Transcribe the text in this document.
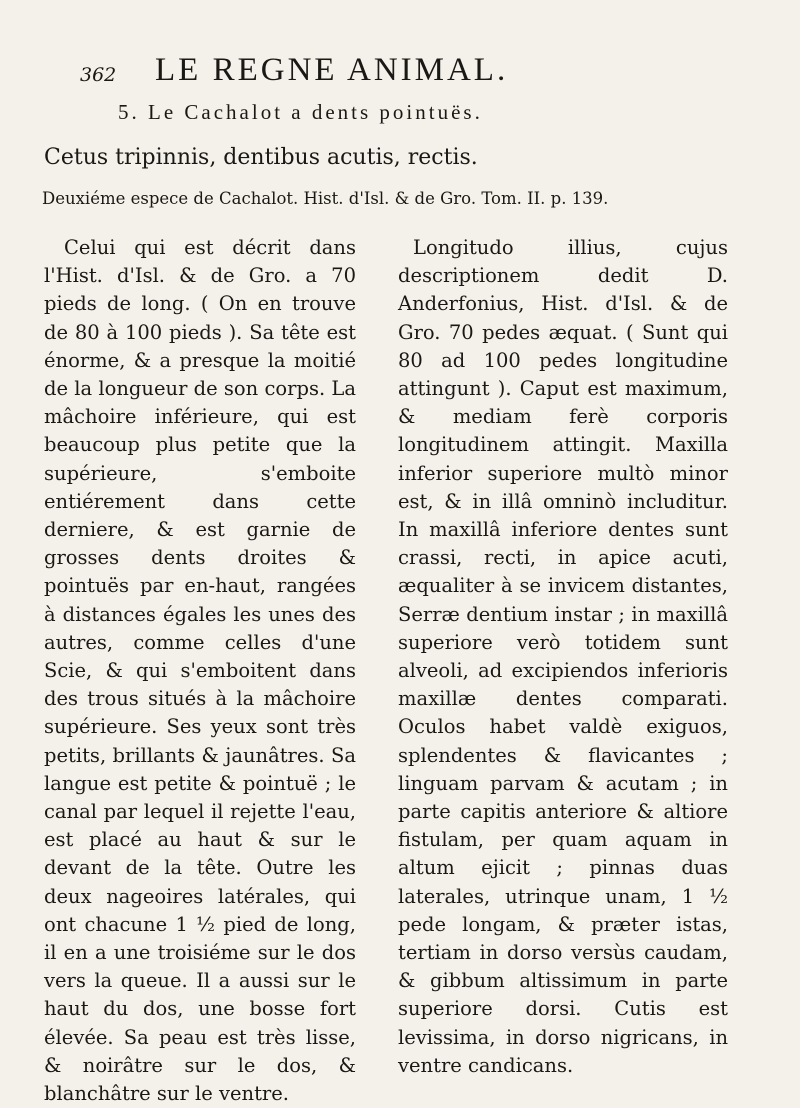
362 LE REGNE ANIMAL.
5. Le Cachalot a dents pointuës.
Cetus tripinnis, dentibus acutis, rectis.
Deuxiéme espece de Cachalot. Hist. d'Isl. & de Gro. Tom. II. p. 139.

Celui qui est décrit dans l'Hist. d'Isl. & de Gro. a 70 pieds de long. ( On en trouve de 80 à 100 pieds ). Sa tête est énorme, & a presque la moitié de la longueur de son corps. La mâchoire inférieure, qui est beaucoup plus petite que la supérieure, s'emboite entiérement dans cette derniere, & est garnie de grosses dents droites & pointuës par en-haut, rangées à distances égales les unes des autres, comme celles d'une Scie, & qui s'emboitent dans des trous situés à la mâchoire supérieure. Ses yeux sont très petits, brillants & jaunâtres. Sa langue est petite & pointuë ; le canal par lequel il rejette l'eau, est placé au haut & sur le devant de la tête. Outre les deux nageoires latérales, qui ont chacune 1 ½ pied de long, il en a une troisiéme sur le dos vers la queue. Il a aussi sur le haut du dos, une bosse fort élevée. Sa peau est très lisse, & noirâtre sur le dos, & blanchâtre sur le ventre.

Longitudo illius, cujus descriptionem dedit D. Anderfonius, Hist. d'Isl. & de Gro. 70 pedes æquat. ( Sunt qui 80 ad 100 pedes longitudine attingunt ). Caput est maximum, & mediam ferè corporis longitudinem attingit. Maxilla inferior superiore multò minor est, & in illâ omninò includitur. In maxillâ inferiore dentes sunt crassi, recti, in apice acuti, æqualiter à se invicem distantes, Serræ dentium instar ; in maxillâ superiore verò totidem sunt alveoli, ad excipiendos inferioris maxillæ dentes comparati. Oculos habet valdè exiguos, splendentes & flavicantes ; linguam parvam & acutam ; in parte capitis anteriore & altiore fistulam, per quam aquam in altum ejicit ; pinnas duas laterales, utrinque unam, 1 ½ pede longam, & præter istas, tertiam in dorso versùs caudam, & gibbum altissimum in parte superiore dorsi. Cutis est levissima, in dorso nigricans, in ventre candicans.
